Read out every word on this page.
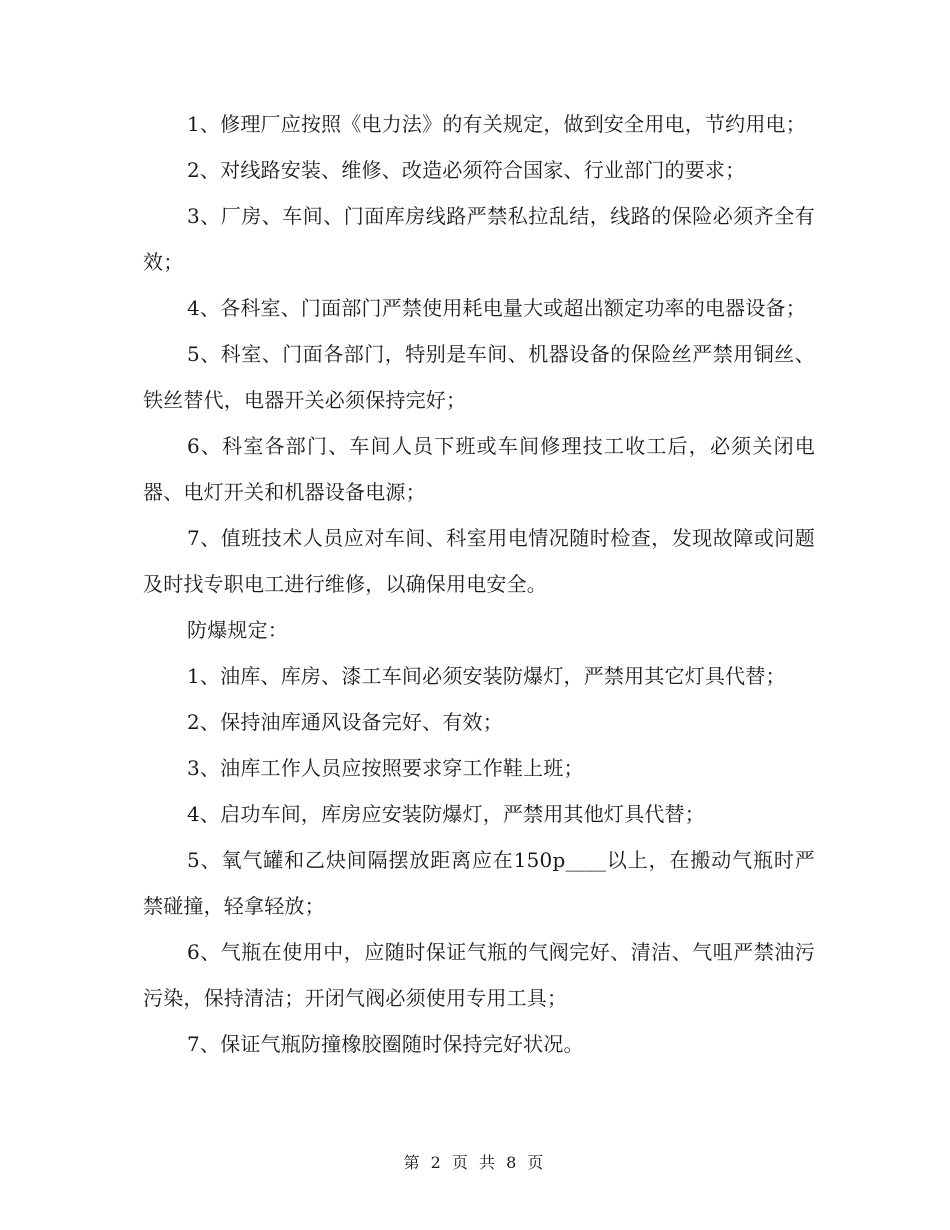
1、修理厂应按照《电力法》的有关规定，做到安全用电，节约用电；

2、对线路安装、维修、改造必须符合国家、行业部门的要求；

3、厂房、车间、门面库房线路严禁私拉乱结，线路的保险必须齐全有效；

4、各科室、门面部门严禁使用耗电量大或超出额定功率的电器设备；

5、科室、门面各部门，特别是车间、机器设备的保险丝严禁用铜丝、铁丝替代，电器开关必须保持完好；

6、科室各部门、车间人员下班或车间修理技工收工后，必须关闭电器、电灯开关和机器设备电源；

7、值班技术人员应对车间、科室用电情况随时检查，发现故障或问题及时找专职电工进行维修，以确保用电安全。

防爆规定：

1、油库、库房、漆工车间必须安装防爆灯，严禁用其它灯具代替；

2、保持油库通风设备完好、有效；

3、油库工作人员应按照要求穿工作鞋上班；

4、启功车间，库房应安装防爆灯，严禁用其他灯具代替；

5、氧气罐和乙炔间隔摆放距离应在150p____以上，在搬动气瓶时严禁碰撞，轻拿轻放；

6、气瓶在使用中，应随时保证气瓶的气阀完好、清洁、气咀严禁油污污染，保持清洁；开闭气阀必须使用专用工具；

7、保证气瓶防撞橡胶圈随时保持完好状况。

第 2 页 共 8 页
